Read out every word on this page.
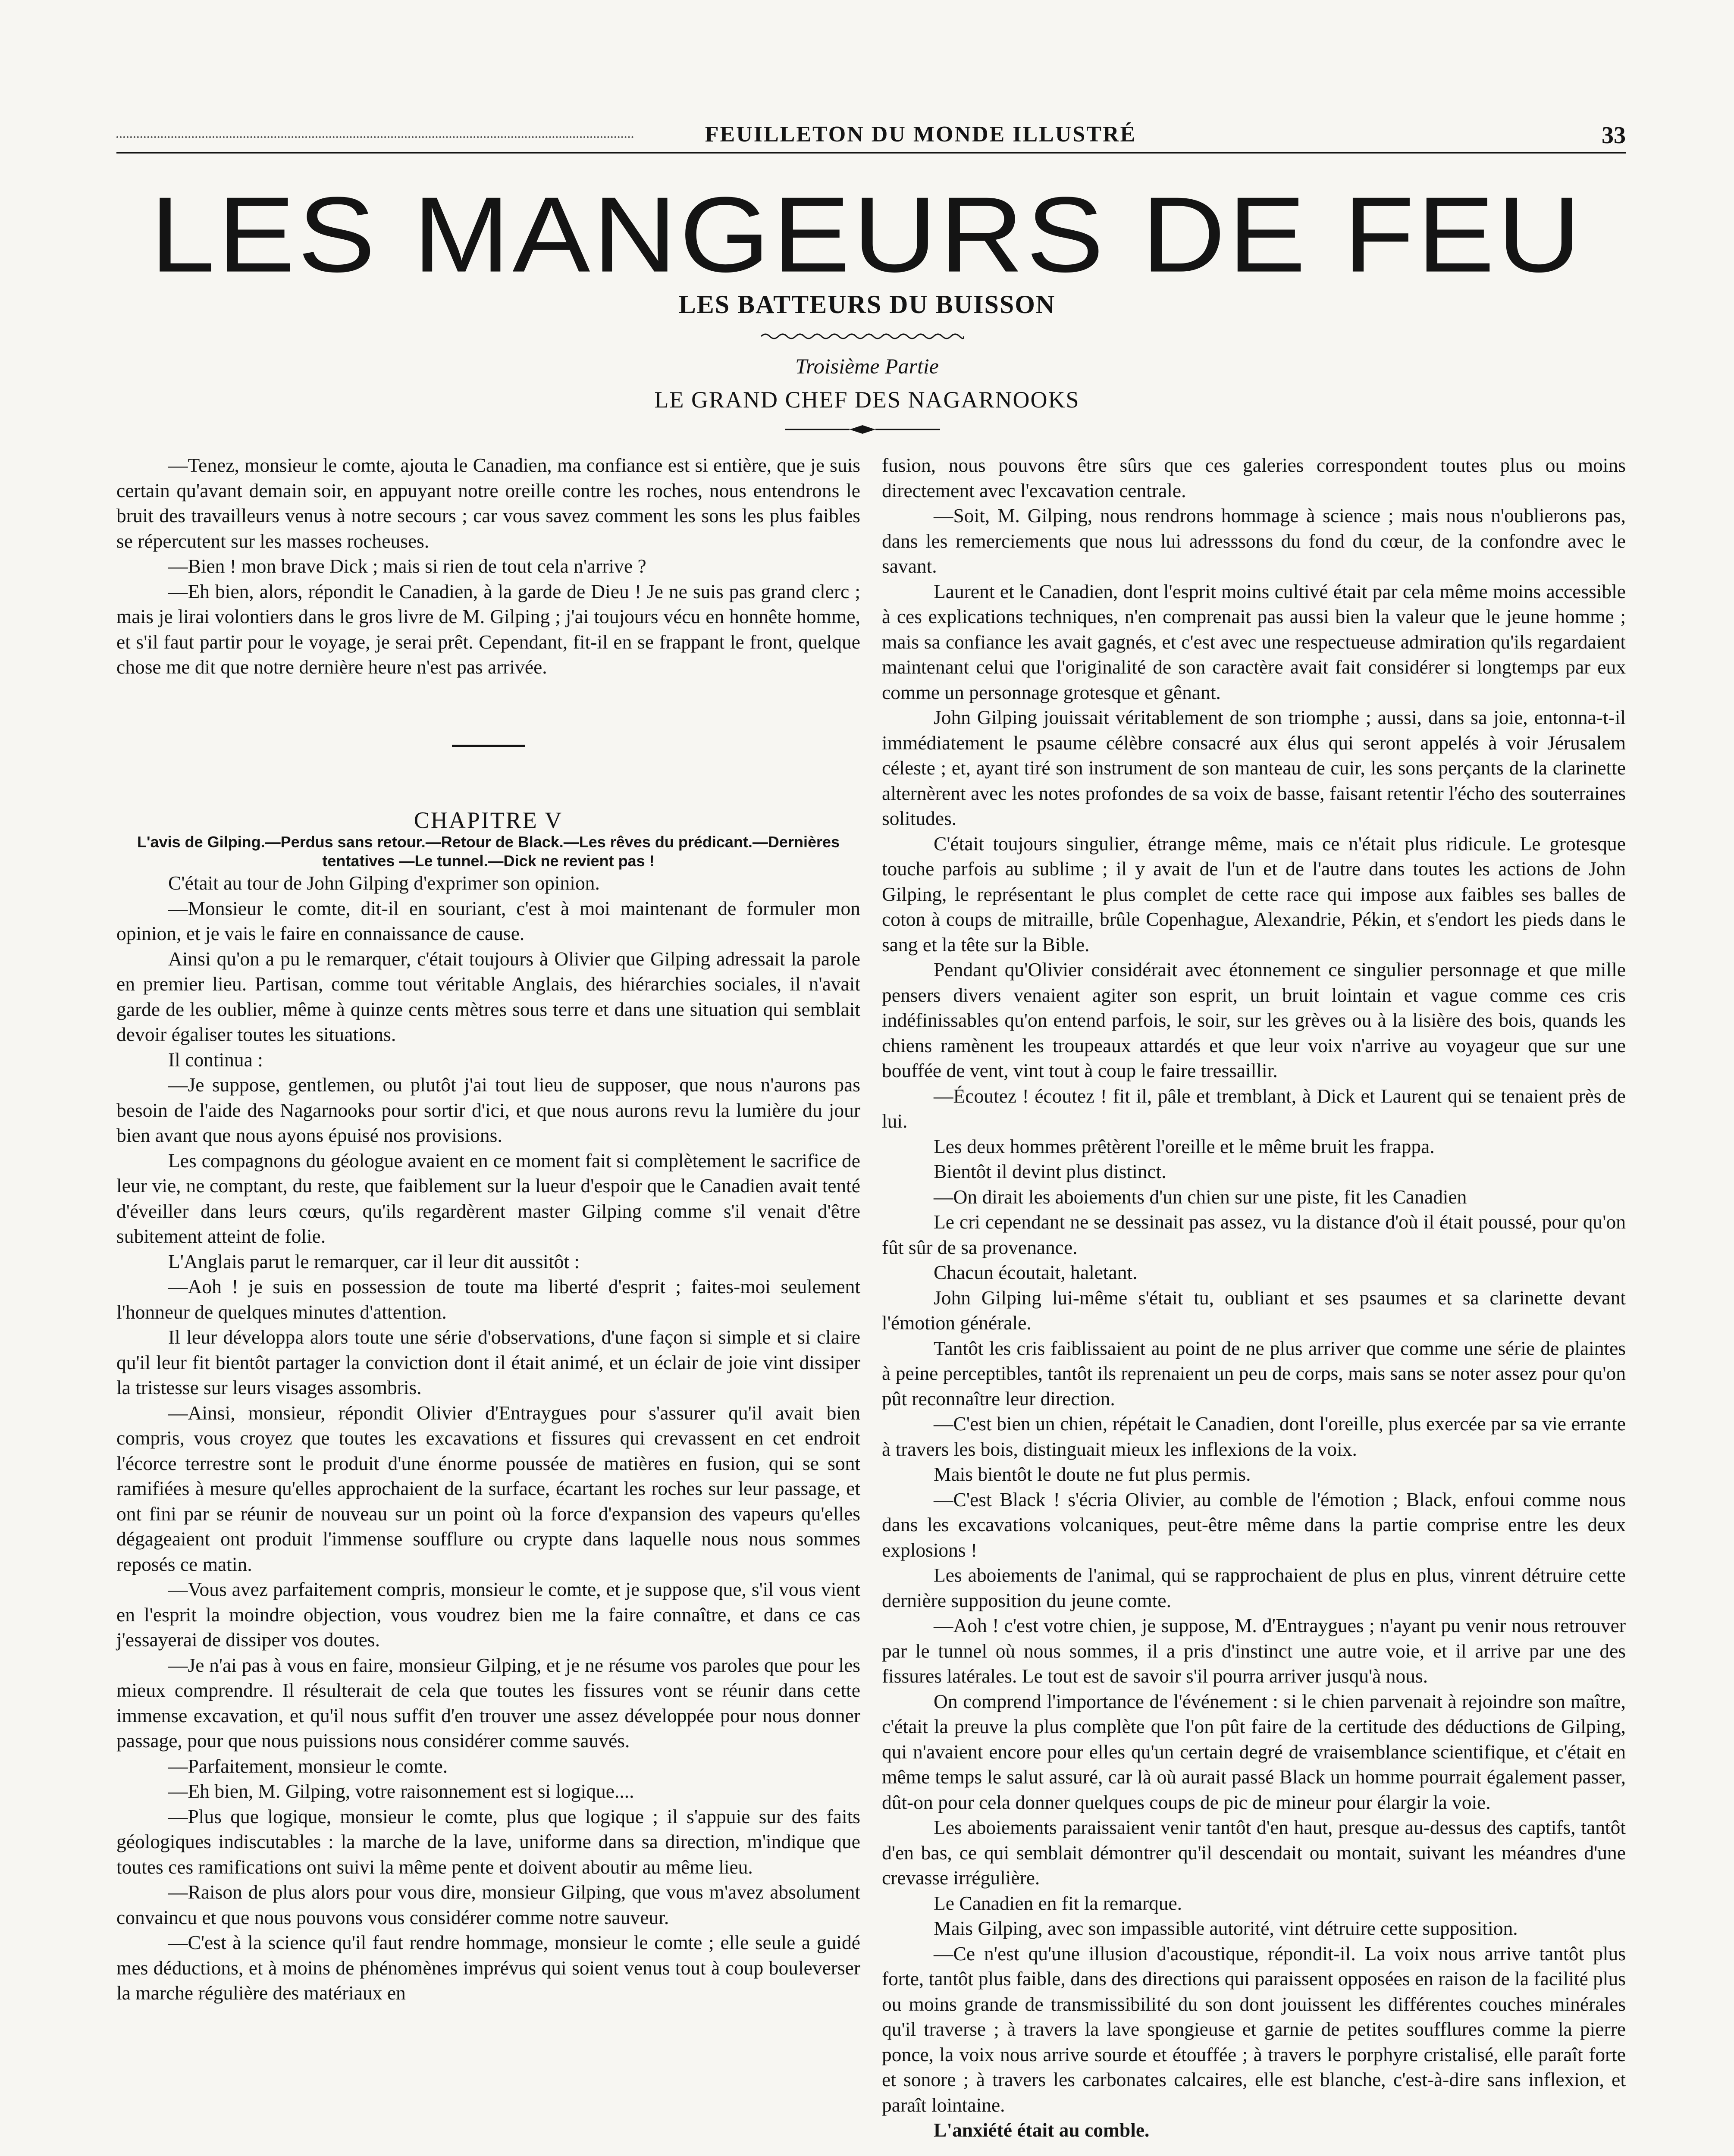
FEUILLETON DU MONDE ILLUSTRÉ	33
LES MANGEURS DE FEU
LES BATTEURS DU BUISSON
Troisième Partie
LE GRAND CHEF DES NAGARNOOKS

—Tenez, monsieur le comte, ajouta le Canadien, ma confiance est si entière, que je suis certain qu'avant demain soir, en appuyant notre oreille contre les roches, nous entendrons le bruit des travailleurs venus à notre secours ; car vous savez comment les sons les plus faibles se répercutent sur les masses rocheuses.

—Bien ! mon brave Dick ; mais si rien de tout cela n'arrive ?

—Eh bien, alors, répondit le Canadien, à la garde de Dieu ! Je ne suis pas grand clerc ; mais je lirai volontiers dans le gros livre de M. Gilping ; j'ai toujours vécu en honnête homme, et s'il faut partir pour le voyage, je serai prêt. Cependant, fit-il en se frappant le front, quelque chose me dit que notre dernière heure n'est pas arrivée.

CHAPITRE V

L'avis de Gilping.—Perdus sans retour.—Retour de Black.—Les rêves du prédicant.—Dernières tentatives —Le tunnel.—Dick ne revient pas !

C'était au tour de John Gilping d'exprimer son opinion.

—Monsieur le comte, dit-il en souriant, c'est à moi maintenant de formuler mon opinion, et je vais le faire en connaissance de cause.

Ainsi qu'on a pu le remarquer, c'était toujours à Olivier que Gilping adressait la parole en premier lieu. Partisan, comme tout véritable Anglais, des hiérarchies sociales, il n'avait garde de les oublier, même à quinze cents mètres sous terre et dans une situation qui semblait devoir égaliser toutes les situations.

Il continua :

—Je suppose, gentlemen, ou plutôt j'ai tout lieu de supposer, que nous n'aurons pas besoin de l'aide des Nagarnooks pour sortir d'ici, et que nous aurons revu la lumière du jour bien avant que nous ayons épuisé nos provisions.

Les compagnons du géologue avaient en ce moment fait si complètement le sacrifice de leur vie, ne comptant, du reste, que faiblement sur la lueur d'espoir que le Canadien avait tenté d'éveiller dans leurs cœurs, qu'ils regardèrent master Gilping comme s'il venait d'être subitement atteint de folie.

L'Anglais parut le remarquer, car il leur dit aussitôt :

—Aoh ! je suis en possession de toute ma liberté d'esprit ; faites-moi seulement l'honneur de quelques minutes d'attention.

Il leur développa alors toute une série d'observations, d'une façon si simple et si claire qu'il leur fit bientôt partager la conviction dont il était animé, et un éclair de joie vint dissiper la tristesse sur leurs visages assombris.

—Ainsi, monsieur, répondit Olivier d'Entraygues pour s'assurer qu'il avait bien compris, vous croyez que toutes les excavations et fissures qui crevassent en cet endroit l'écorce terrestre sont le produit d'une énorme poussée de matières en fusion, qui se sont ramifiées à mesure qu'elles approchaient de la surface, écartant les roches sur leur passage, et ont fini par se réunir de nouveau sur un point où la force d'expansion des vapeurs qu'elles dégageaient ont produit l'immense soufflure ou crypte dans laquelle nous nous sommes reposés ce matin.

—Vous avez parfaitement compris, monsieur le comte, et je suppose que, s'il vous vient en l'esprit la moindre objection, vous voudrez bien me la faire connaître, et dans ce cas j'essayerai de dissiper vos doutes.

—Je n'ai pas à vous en faire, monsieur Gilping, et je ne résume vos paroles que pour les mieux comprendre. Il résulterait de cela que toutes les fissures vont se réunir dans cette immense excavation, et qu'il nous suffit d'en trouver une assez développée pour nous donner passage, pour que nous puissions nous considérer comme sauvés.

—Parfaitement, monsieur le comte.

—Eh bien, M. Gilping, votre raisonnement est si logique....

—Plus que logique, monsieur le comte, plus que logique ; il s'appuie sur des faits géologiques indiscutables : la marche de la lave, uniforme dans sa direction, m'indique que toutes ces ramifications ont suivi la même pente et doivent aboutir au même lieu.

—Raison de plus alors pour vous dire, monsieur Gilping, que vous m'avez absolument convaincu et que nous pouvons vous considérer comme notre sauveur.

—C'est à la science qu'il faut rendre hommage, monsieur le comte ; elle seule a guidé mes déductions, et à moins de phénomènes imprévus qui soient venus tout à coup bouleverser la marche régulière des matériaux en

fusion, nous pouvons être sûrs que ces galeries correspondent toutes plus ou moins directement avec l'excavation centrale.

—Soit, M. Gilping, nous rendrons hommage à science ; mais nous n'oublierons pas, dans les remerciements que nous lui adresssons du fond du cœur, de la confondre avec le savant.

Laurent et le Canadien, dont l'esprit moins cultivé était par cela même moins accessible à ces explications techniques, n'en comprenait pas aussi bien la valeur que le jeune homme ; mais sa confiance les avait gagnés, et c'est avec une respectueuse admiration qu'ils regardaient maintenant celui que l'originalité de son caractère avait fait considérer si longtemps par eux comme un personnage grotesque et gênant.

John Gilping jouissait véritablement de son triomphe ; aussi, dans sa joie, entonna-t-il immédiatement le psaume célèbre consacré aux élus qui seront appelés à voir Jérusalem céleste ; et, ayant tiré son instrument de son manteau de cuir, les sons perçants de la clarinette alternèrent avec les notes profondes de sa voix de basse, faisant retentir l'écho des souterraines solitudes.

C'était toujours singulier, étrange même, mais ce n'était plus ridicule. Le grotesque touche parfois au sublime ; il y avait de l'un et de l'autre dans toutes les actions de John Gilping, le représentant le plus complet de cette race qui impose aux faibles ses balles de coton à coups de mitraille, brûle Copenhague, Alexandrie, Pékin, et s'endort les pieds dans le sang et la tête sur la Bible.

Pendant qu'Olivier considérait avec étonnement ce singulier personnage et que mille pensers divers venaient agiter son esprit, un bruit lointain et vague comme ces cris indéfinissables qu'on entend parfois, le soir, sur les grèves ou à la lisière des bois, quands les chiens ramènent les troupeaux attardés et que leur voix n'arrive au voyageur que sur une bouffée de vent, vint tout à coup le faire tressaillir.

—Écoutez ! écoutez ! fit il, pâle et tremblant, à Dick et Laurent qui se tenaient près de lui.

Les deux hommes prêtèrent l'oreille et le même bruit les frappa.

Bientôt il devint plus distinct.

—On dirait les aboiements d'un chien sur une piste, fit les Canadien

Le cri cependant ne se dessinait pas assez, vu la distance d'où il était poussé, pour qu'on fût sûr de sa provenance.

Chacun écoutait, haletant.

John Gilping lui-même s'était tu, oubliant et ses psaumes et sa clarinette devant l'émotion générale.

Tantôt les cris faiblissaient au point de ne plus arriver que comme une série de plaintes à peine perceptibles, tantôt ils reprenaient un peu de corps, mais sans se noter assez pour qu'on pût reconnaître leur direction.

—C'est bien un chien, répétait le Canadien, dont l'oreille, plus exercée par sa vie errante à travers les bois, distinguait mieux les inflexions de la voix.

Mais bientôt le doute ne fut plus permis.

—C'est Black ! s'écria Olivier, au comble de l'émotion ; Black, enfoui comme nous dans les excavations volcaniques, peut-être même dans la partie comprise entre les deux explosions !

Les aboiements de l'animal, qui se rapprochaient de plus en plus, vinrent détruire cette dernière supposition du jeune comte.

—Aoh ! c'est votre chien, je suppose, M. d'Entraygues ; n'ayant pu venir nous retrouver par le tunnel où nous sommes, il a pris d'instinct une autre voie, et il arrive par une des fissures latérales. Le tout est de savoir s'il pourra arriver jusqu'à nous.

On comprend l'importance de l'événement : si le chien parvenait à rejoindre son maître, c'était la preuve la plus complète que l'on pût faire de la certitude des déductions de Gilping, qui n'avaient encore pour elles qu'un certain degré de vraisemblance scientifique, et c'était en même temps le salut assuré, car là où aurait passé Black un homme pourrait également passer, dût-on pour cela donner quelques coups de pic de mineur pour élargir la voie.

Les aboiements paraissaient venir tantôt d'en haut, presque au-dessus des captifs, tantôt d'en bas, ce qui semblait démontrer qu'il descendait ou montait, suivant les méandres d'une crevasse irrégulière.

Le Canadien en fit la remarque.

Mais Gilping, avec son impassible autorité, vint détruire cette supposition.

—Ce n'est qu'une illusion d'acoustique, répondit-il. La voix nous arrive tantôt plus forte, tantôt plus faible, dans des directions qui paraissent opposées en raison de la facilité plus ou moins grande de transmissibilité du son dont jouissent les différentes couches minérales qu'il traverse ; à travers la lave spongieuse et garnie de petites soufflures comme la pierre ponce, la voix nous arrive sourde et étouffée ; à travers le porphyre cristalisé, elle paraît forte et sonore ; à travers les carbonates calcaires, elle est blanche, c'est-à-dire sans inflexion, et paraît lointaine.

L'anxiété était au comble.
